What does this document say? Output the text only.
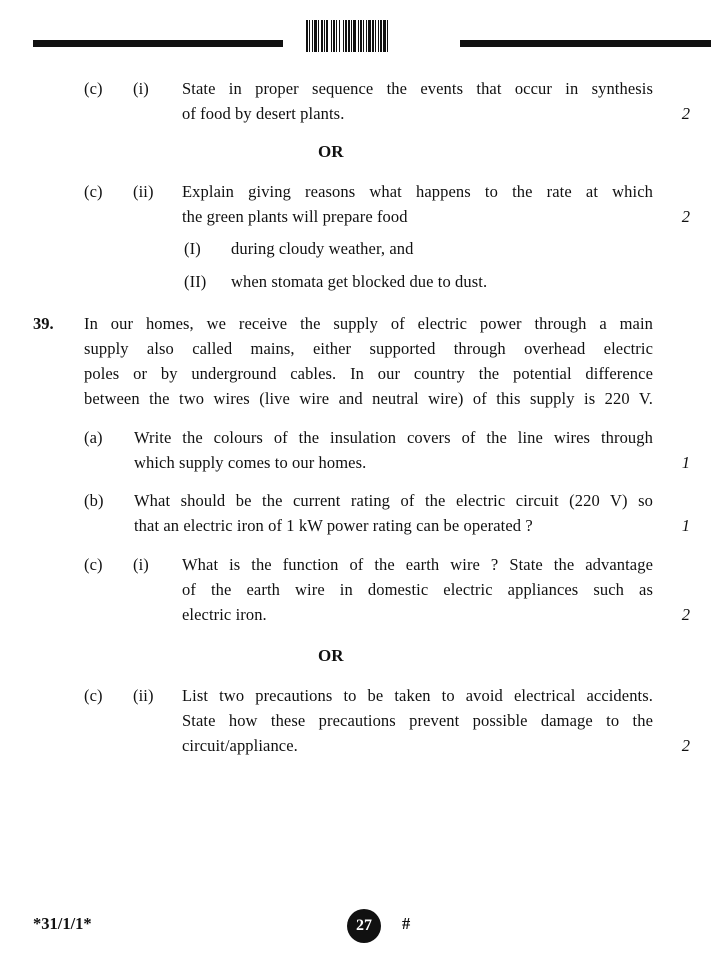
(c) (i) State in proper sequence the events that occur in synthesis
of food by desert plants.	2
OR
(c) (ii) Explain giving reasons what happens to the rate at which
the green plants will prepare food	2
(I) during cloudy weather, and
(II) when stomata get blocked due to dust.
39. In our homes, we receive the supply of electric power through a main
supply also called mains, either supported through overhead electric
poles or by underground cables. In our country the potential difference
between the two wires (live wire and neutral wire) of this supply is 220 V.
(a) Write the colours of the insulation covers of the line wires through
which supply comes to our homes.	1
(b) What should be the current rating of the electric circuit (220 V) so
that an electric iron of 1 kW power rating can be operated ?	1
(c) (i) What is the function of the earth wire ? State the advantage
of the earth wire in domestic electric appliances such as
electric iron.	2
OR
(c) (ii) List two precautions to be taken to avoid electrical accidents.
State how these precautions prevent possible damage to the
circuit/appliance.	2
*31/1/1*	27	#
